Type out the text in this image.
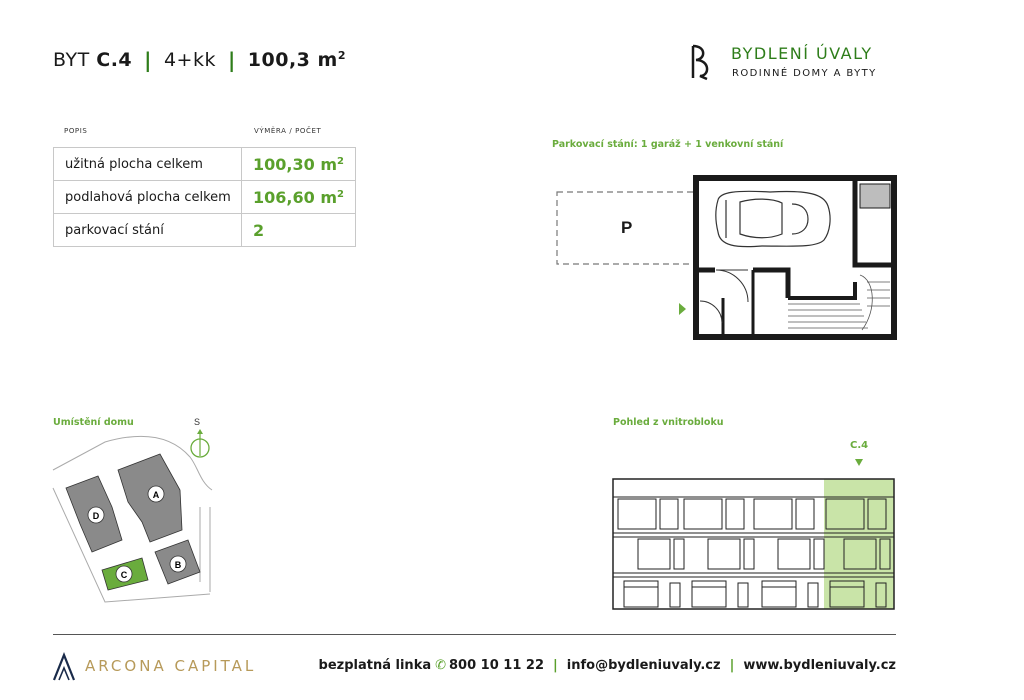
BYT
C.4 | 4+kk | 100,3 $m^2$	BYDLENÍ ÚVALY
RODINNÉ DOMY A BYTY
POPIS	VÝMĚRA / POČET
užitná plocha celkem	100,30 $m^2$
podlahová plocha celkem	106,60 $m^2$
parkovací stání	2
Parkovací stání: 1 garáž + 1 venkovní stání
P
Umístění domu	S
A
D
B
C
Pohled z vnitrobloku
C.4
ARCONA CAPITAL	bezplatná linka ✆ 800 10 11 22 | info@bydleniuvaly.cz | www.bydleniuvaly.cz
